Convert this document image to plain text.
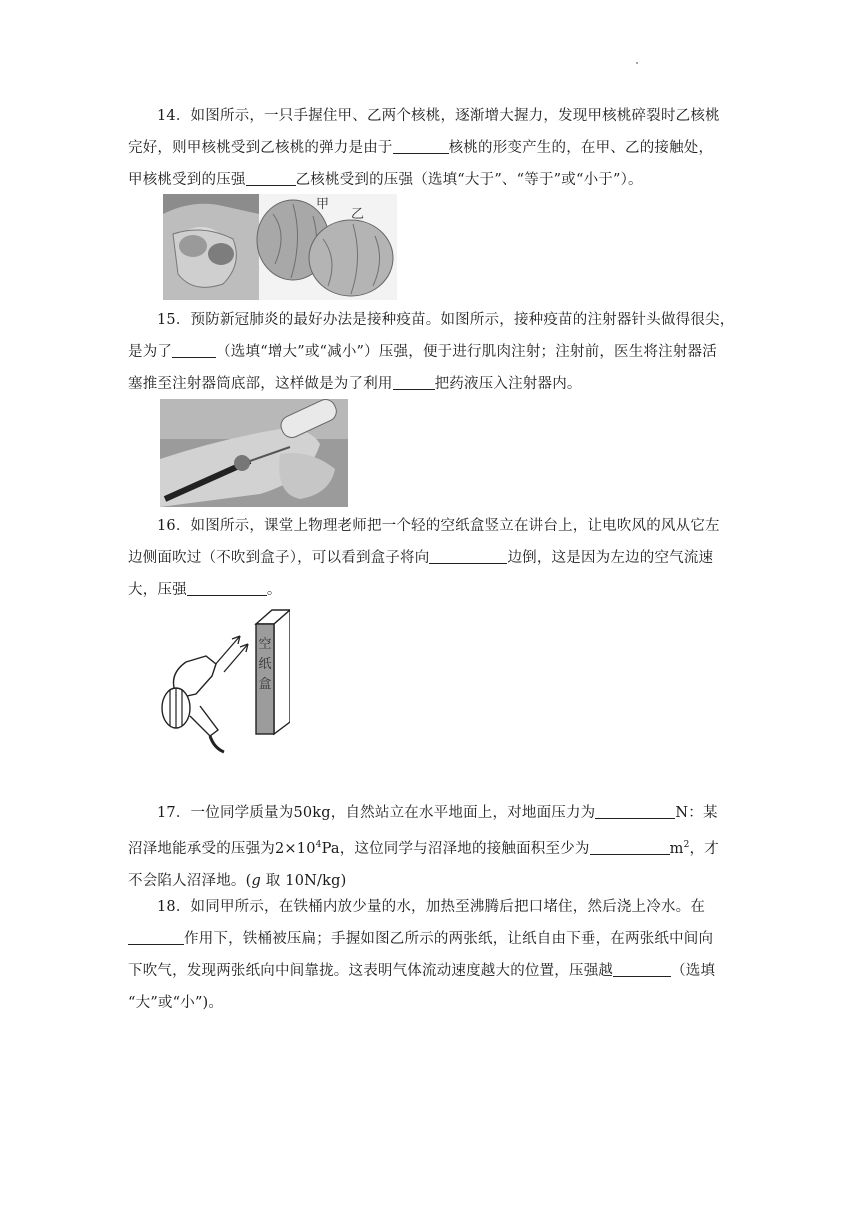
14．如图所示，一只手握住甲、乙两个核桃，逐渐增大握力，发现甲核桃碎裂时乙核桃
完好，则甲核桃受到乙核桃的弹力是由于	核桃的形变产生的，在甲、乙的接触处，
甲核桃受到的压强	乙核桃受到的压强（选填“大于”、“等于”或“小于”）。
甲
乙
15．预防新冠肺炎的最好办法是接种疫苗。如图所示，接种疫苗的注射器针头做得很尖，
是为了	（选填“增大”或“减小”）压强，便于进行肌肉注射；注射前，医生将注射器活
塞推至注射器筒底部，这样做是为了利用	把药液压入注射器内。
16．如图所示，课堂上物理老师把一个轻的空纸盒竖立在讲台上，让电吹风的风从它左
边侧面吹过（不吹到盒子），可以看到盒子将向	边倒，这是因为左边的空气流速
大，压强	。
空
纸
盒
17．一位同学质量为50kg，自然站立在水平地面上，对地面压力为	N：某
沼泽地能承受的压强为$2\times 10^4Pa$，这位同学与沼泽地的接触面积至少为	$m^2$，才
不会陷人沼泽地。(g 取 10N/kg)
18．如同甲所示，在铁桶内放少量的水，加热至沸腾后把口堵住，然后浇上冷水。在
作用下，铁桶被压扁；手握如图乙所示的两张纸，让纸自由下垂，在两张纸中间向
下吹气，发现两张纸向中间靠拢。这表明气体流动速度越大的位置，压强越	（选填
“大”或“小”)。
